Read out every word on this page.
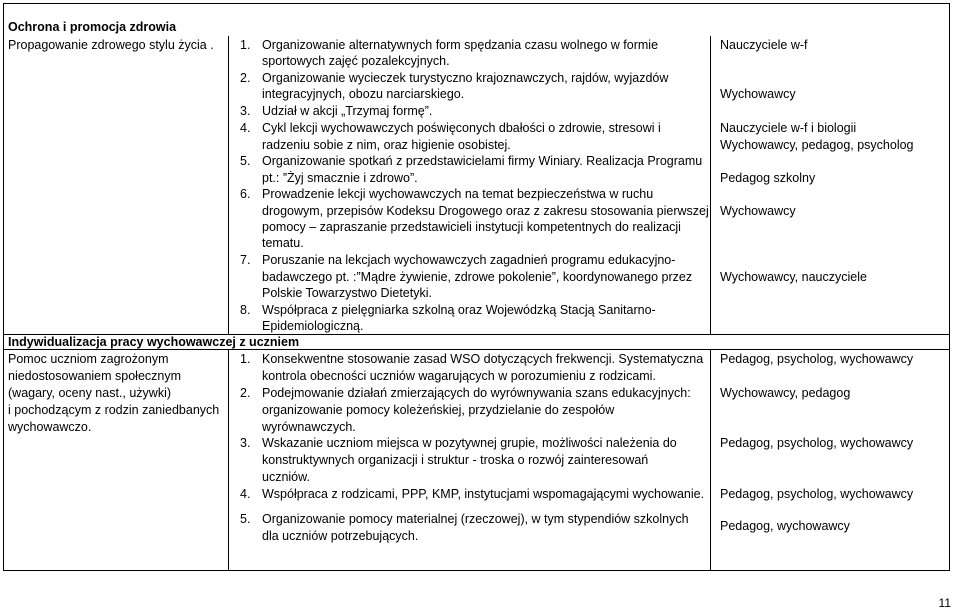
Ochrona i promocja zdrowia
Propagowanie zdrowego stylu życia . 1. Organizowanie alternatywnych form spędzania czasu wolnego w formie
sportowych zajęć pozalekcyjnych.
2. Organizowanie wycieczek turystyczno krajoznawczych, rajdów, wyjazdów
integracyjnych, obozu narciarskiego.
3. Udział w akcji „Trzymaj formę”.
4. Cykl lekcji wychowawczych poświęconych dbałości o zdrowie, stresowi i
radzeniu sobie z nim, oraz higienie osobistej.
5. Organizowanie spotkań z przedstawicielami firmy Winiary. Realizacja Programu
pt.: ”Żyj smacznie i zdrowo”.
6. Prowadzenie lekcji wychowawczych na temat bezpieczeństwa w ruchu
drogowym, przepisów Kodeksu Drogowego oraz z zakresu stosowania pierwszej
pomocy – zapraszanie przedstawicieli instytucji kompetentnych do realizacji
tematu.
7. Poruszanie na lekcjach wychowawczych zagadnień programu edukacyjno-
badawczego pt. :”Mądre żywienie, zdrowe pokolenie”, koordynowanego przez
Polskie Towarzystwo Dietetyki.
8. Współpraca z pielęgniarka szkolną oraz Wojewódzką Stacją Sanitarno-
Epidemiologiczną.
Nauczyciele w-f
Wychowawcy
Nauczyciele w-f i biologii
Wychowawcy, pedagog, psycholog
Pedagog szkolny
Wychowawcy
Wychowawcy, nauczyciele
Indywidualizacja pracy wychowawczej z uczniem
Pomoc uczniom zagrożonym
niedostosowaniem społecznym
(wagary, oceny nast., używki)
i pochodzącym z rodzin zaniedbanych
wychowawczo.
1. Konsekwentne stosowanie zasad WSO dotyczących frekwencji. Systematyczna
kontrola obecności uczniów wagarujących w porozumieniu z rodzicami.
2. Podejmowanie działań zmierzających do wyrównywania szans edukacyjnych:
organizowanie pomocy koleżeńskiej, przydzielanie do zespołów
wyrównawczych.
3. Wskazanie uczniom miejsca w pozytywnej grupie, możliwości należenia do
konstruktywnych organizacji i struktur - troska o rozwój zainteresowań
uczniów.
4. Współpraca z rodzicami, PPP, KMP, instytucjami wspomagającymi wychowanie.
5. Organizowanie pomocy materialnej (rzeczowej), w tym stypendiów szkolnych
dla uczniów potrzebujących.
Pedagog, psycholog, wychowawcy
Wychowawcy, pedagog
Pedagog, psycholog, wychowawcy
Pedagog, psycholog, wychowawcy
Pedagog, wychowawcy
11
